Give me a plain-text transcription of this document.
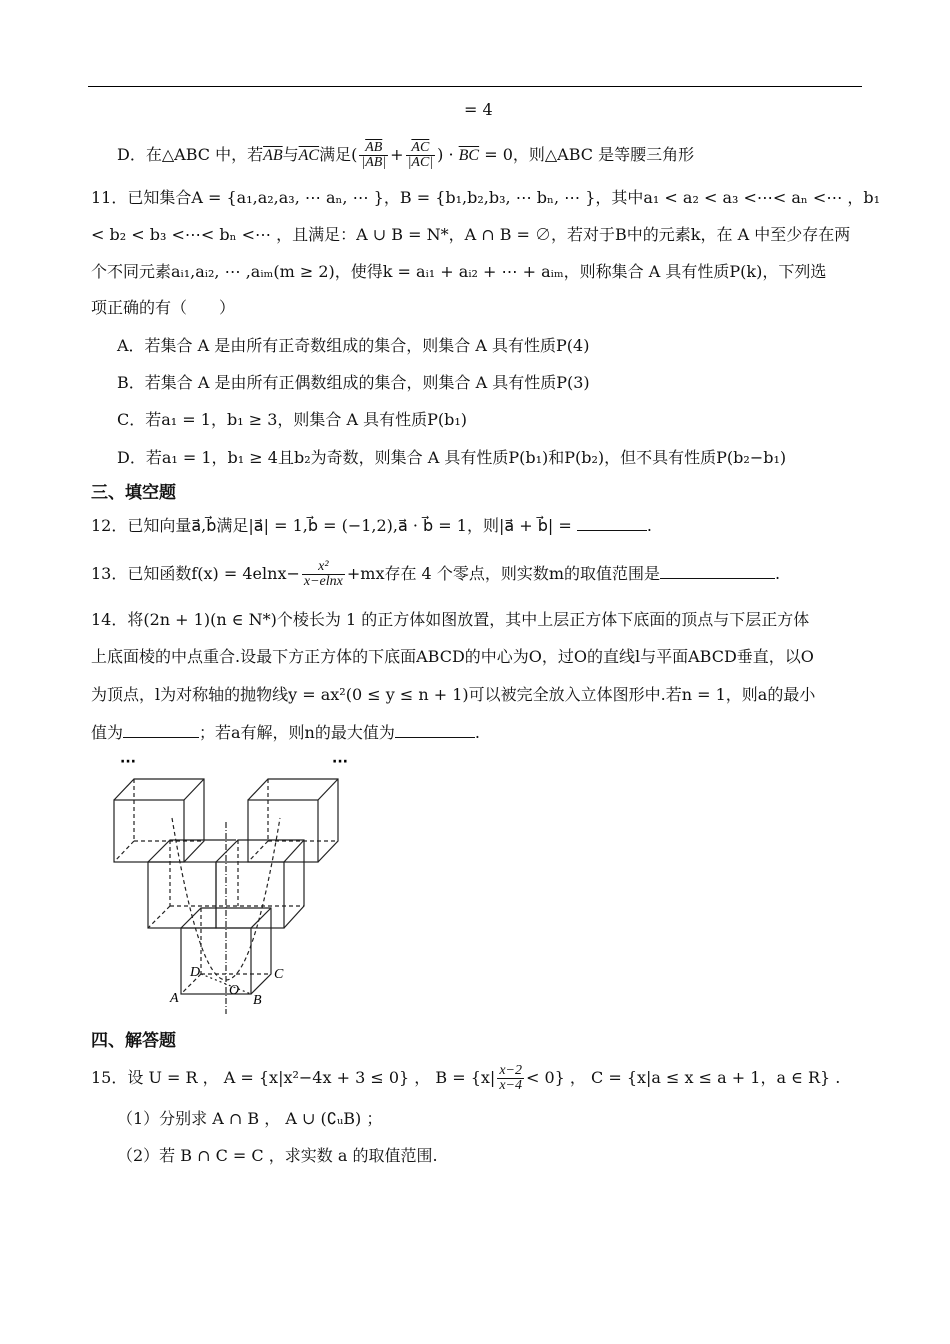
= 4
D．在△ABC 中，若$\overline{AB}$与$\overline{AC}$满足( $\frac{\overline{AB}}{|AB|} + \frac{\overline{AC}}{|AC|}$ ) · $\overline{BC} = 0$，则△ABC 是等腰三角形
11．已知集合A = {a₁,a₂,a₃, ⋯ aₙ, ⋯ }，B = {b₁,b₂,b₃, ⋯ bₙ, ⋯ }，其中a₁ < a₂ < a₃ <⋯< aₙ <⋯ ，b₁
< b₂ < b₃ <⋯< bₙ <⋯ ，且满足：A ∪ B = N*，A ∩ B = ∅，若对于B中的元素k，在 A 中至少存在两
个不同元素aᵢ₁,aᵢ₂, ⋯ ,aᵢₘ(m ≥ 2)，使得k = aᵢ₁ + aᵢ₂ + ⋯ + aᵢₘ，则称集合 A 具有性质P(k)，下列选
项正确的有（　　）
A．若集合 A 是由所有正奇数组成的集合，则集合 A 具有性质P(4)
B．若集合 A 是由所有正偶数组成的集合，则集合 A 具有性质P(3)
C．若a₁ = 1，b₁ ≥ 3，则集合 A 具有性质P(b₁)
D．若a₁ = 1，b₁ ≥ 4且b₂为奇数，则集合 A 具有性质P(b₁)和P(b₂)，但不具有性质P(b₂−b₁)
三、填空题
12．已知向量a⃗,b⃗满足|a⃗| = 1,b⃗ = (−1,2),a⃗ · b⃗ = 1，则|a⃗ + b⃗| =	.
13．已知函数$f(x) = 4elnx- \frac{\text{x²}}{x-elnx} +mx$存在 4 个零点，则实数m的取值范围是	.
14．将(2n + 1)(n ∈ N*)个棱长为 1 的正方体如图放置，其中上层正方体下底面的顶点与下层正方体
上底面棱的中点重合.设最下方正方体的下底面ABCD的中心为O，过O的直线l与平面ABCD垂直，以O
为顶点，l为对称轴的抛物线y = ax²(0 ≤ y ≤ n + 1)可以被完全放入立体图形中.若n = 1，则a的最小
值为	；若a有解，则n的最大值为	.
···	···
A	B
C
D
O
四、解答题
15．设 U = R ， A = {x|x²−4x + 3 ≤ 0} ， $B = \{x| \frac{x-2}{x-4} < 0\}$ ， C = {x|a ≤ x ≤ a + 1，a ∈ R} .
（1）分别求 A ∩ B ， A ∪ (∁ᵤB) ；
（2）若 B ∩ C = C ，求实数 a 的取值范围.
